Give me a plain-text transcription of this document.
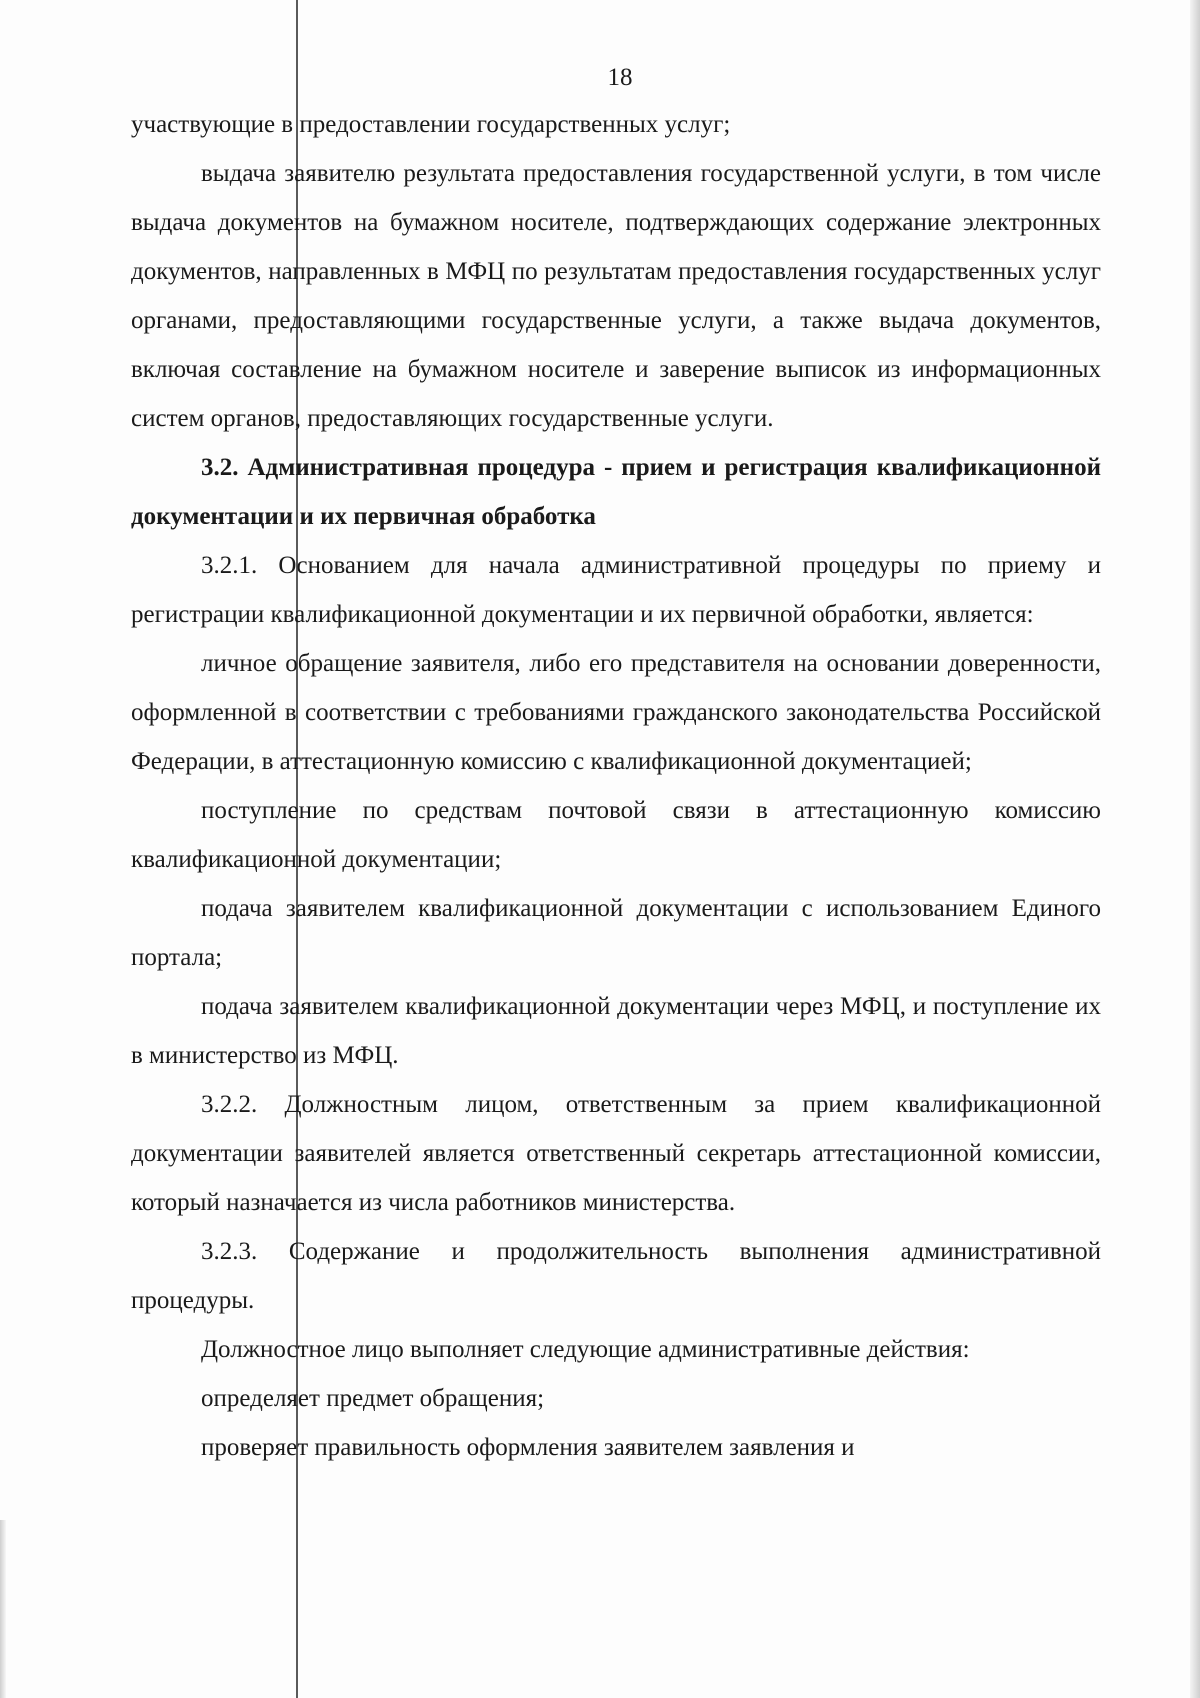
18

участвующие в предоставлении государственных услуг;

выдача заявителю результата предоставления государственной услуги, в том числе выдача документов на бумажном носителе, подтверждающих содержание электронных документов, направленных в МФЦ по результатам предоставления государственных услуг органами, предоставляющими государственные услуги, а также выдача документов, включая составление на бумажном носителе и заверение выписок из информационных систем органов, предоставляющих государственные услуги.

3.2. Административная процедура - прием и регистрация квалификационной документации и их первичная обработка

3.2.1. Основанием для начала административной процедуры по приему и регистрации квалификационной документации и их первичной обработки, является:

личное обращение заявителя, либо его представителя на основании доверенности, оформленной в соответствии с требованиями гражданского законодательства Российской Федерации, в аттестационную комиссию с квалификационной документацией;

поступление по средствам почтовой связи в аттестационную комиссию квалификационной документации;

подача заявителем квалификационной документации с использованием Единого портала;

подача заявителем квалификационной документации через МФЦ, и поступление их в министерство из МФЦ.

3.2.2. Должностным лицом, ответственным за прием квалификационной документации заявителей является ответственный секретарь аттестационной комиссии, который назначается из числа работников министерства.

3.2.3. Содержание и продолжительность выполнения административной процедуры.

Должностное лицо выполняет следующие административные действия:

определяет предмет обращения;

проверяет правильность оформления заявителем заявления и
